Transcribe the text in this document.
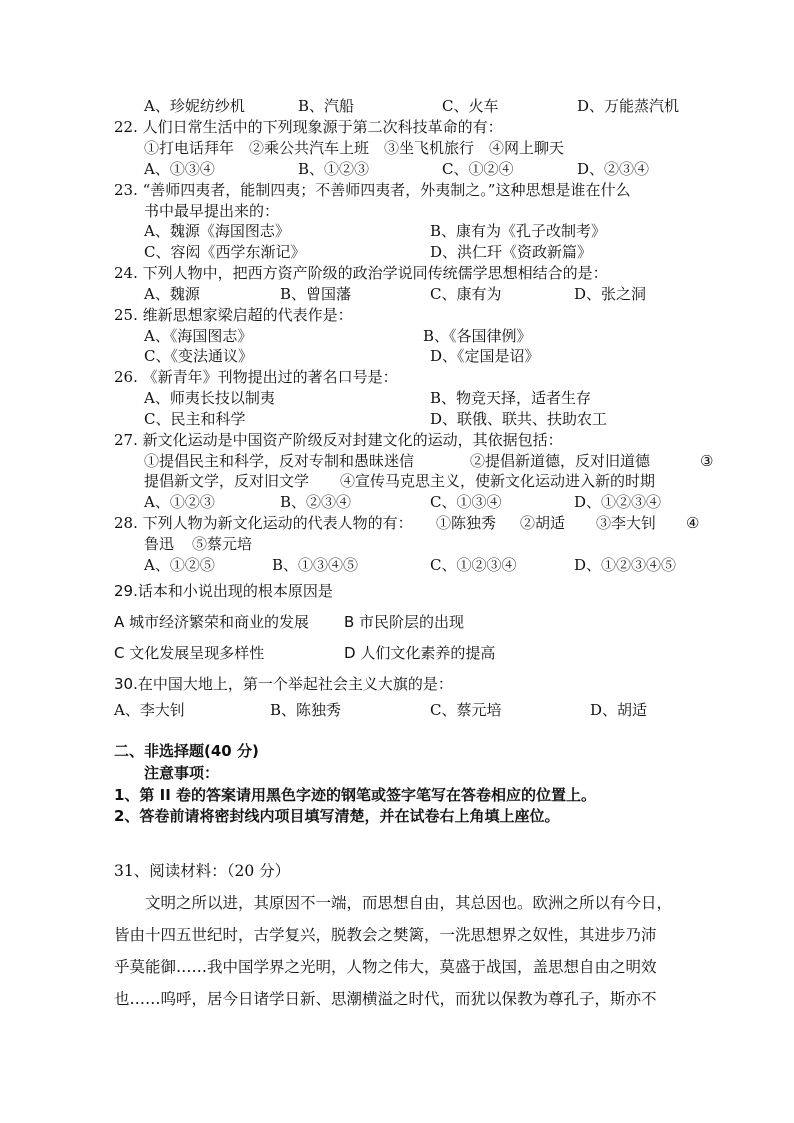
A、珍妮纺纱机	B、汽船	C、火车	D、万能蒸汽机
22. 人们日常生活中的下列现象源于第二次科技革命的有：
①打电话拜年　②乘公共汽车上班　③坐飞机旅行　④网上聊天
A、①③④	B、①②③	C、①②④	D、②③④
23. “善师四夷者，能制四夷；不善师四夷者，外夷制之。”这种思想是谁在什么
书中最早提出来的：
A、魏源《海国图志》	B、康有为《孔子改制考》
C、容闳《西学东渐记》	D、洪仁玕《资政新篇》
24. 下列人物中，把西方资产阶级的政治学说同传统儒学思想相结合的是：
A、魏源	B、曾国藩	C、康有为	D、张之洞
25. 维新思想家梁启超的代表作是：
A、《海国图志》	B、《各国律例》
C、《变法通议》	D、《定国是诏》
26. 《新青年》刊物提出过的著名口号是：
A、师夷长技以制夷	B、物竞天择，适者生存
C、民主和科学	D、联俄、联共、扶助农工
27. 新文化运动是中国资产阶级反对封建文化的运动，其依据包括：
①提倡民主和科学，反对专制和愚昧迷信	②提倡新道德，反对旧道德	③
提倡新文学，反对旧文学 ④宣传马克思主义，使新文化运动进入新的时期
A、①②③	B、②③④	C、①③④	D、①②③④
28. 下列人物为新文化运动的代表人物的有： ①陈独秀 ②胡适 ③李大钊 ④
鲁迅 ⑤蔡元培
A、①②⑤	B、①③④⑤	C、①②③④	D、①②③④⑤
29.话本和小说出现的根本原因是
A 城市经济繁荣和商业的发展 B 市民阶层的出现
C 文化发展呈现多样性	D 人们文化素养的提高
30.在中国大地上，第一个举起社会主义大旗的是：
A、李大钊	B、陈独秀	C、蔡元培	D、胡适
二、非选择题(40 分)
注意事项：
1、第 II 卷的答案请用黑色字迹的钢笔或签字笔写在答卷相应的位置上。
2、答卷前请将密封线内项目填写清楚，并在试卷右上角填上座位。
31、阅读材料：（20 分）
　　文明之所以进，其原因不一端，而思想自由，其总因也。欧洲之所以有今日，
皆由十四五世纪时，古学复兴，脱教会之樊篱，一洗思想界之奴性，其进步乃沛
乎莫能御……我中国学界之光明，人物之伟大，莫盛于战国，盖思想自由之明效
也……呜呼，居今日诸学日新、思潮横溢之时代，而犹以保教为尊孔子，斯亦不
